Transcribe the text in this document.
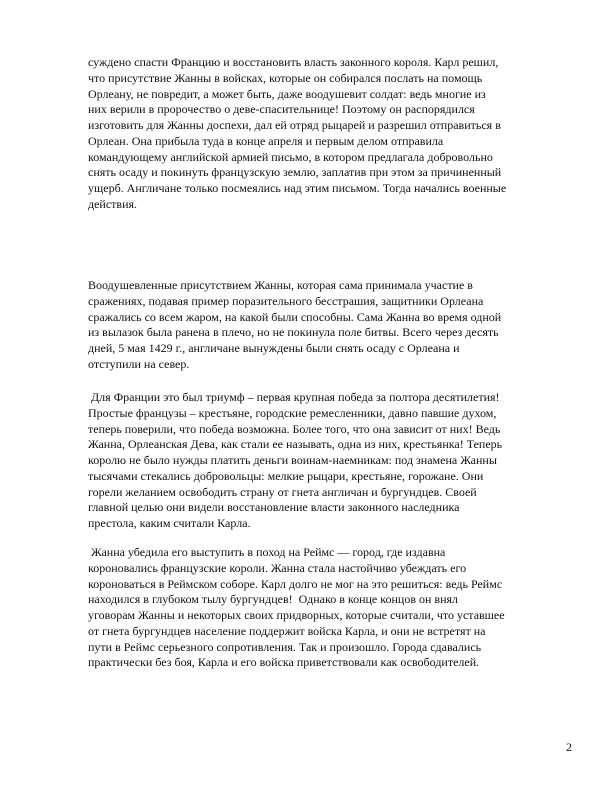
суждено спасти Францию и восстановить власть законного короля. Карл решил,
что присутствие Жанны в войсках, которые он собирался послать на помощь
Орлеану, не повредит, а может быть, даже воодушевит солдат: ведь многие из
них верили в пророчество о деве-спасительнице! Поэтому он распорядился
изготовить для Жанны доспехи, дал ей отряд рыцарей и разрешил отправиться в
Орлеан. Она прибыла туда в конце апреля и первым делом отправила
командующему английской армией письмо, в котором предлагала добровольно
снять осаду и покинуть французскую землю, заплатив при этом за причиненный
ущерб. Англичане только посмеялись над этим письмом. Тогда начались военные
действия.
Воодушевленные присутствием Жанны, которая сама принимала участие в
сражениях, подавая пример поразительного бесстрашия, защитники Орлеана
сражались со всем жаром, на какой были способны. Сама Жанна во время одной
из вылазок была ранена в плечо, но не покинула поле битвы. Всего через десять
дней, 5 мая 1429 г., англичане вынуждены были снять осаду с Орлеана и
отступили на север.
Для Франции это был триумф – первая крупная победа за полтора десятилетия!
Простые французы – крестьяне, городские ремесленники, давно павшие духом,
теперь поверили, что победа возможна. Более того, что она зависит от них! Ведь
Жанна, Орлеанская Дева, как стали ее называть, одна из них, крестьянка! Теперь
королю не было нужды платить деньги воинам-наемникам: под знамена Жанны
тысячами стекались добровольцы: мелкие рыцари, крестьяне, горожане. Они
горели желанием освободить страну от гнета англичан и бургундцев. Своей
главной целью они видели восстановление власти законного наследника
престола, каким считали Карла.
Жанна убедила его выступить в поход на Реймс — город, где издавна
короновались французские короли. Жанна стала настойчиво убеждать его
короноваться в Реймском соборе. Карл долго не мог на это решиться: ведь Реймс
находился в глубоком тылу бургундцев!  Однако в конце концов он внял
уговорам Жанны и некоторых своих придворных, которые считали, что уставшее
от гнета бургундцев население поддержит войска Карла, и они не встретят на
пути в Реймс серьезного сопротивления. Так и произошло. Города сдавались
практически без боя, Карла и его войска приветствовали как освободителей.
2
